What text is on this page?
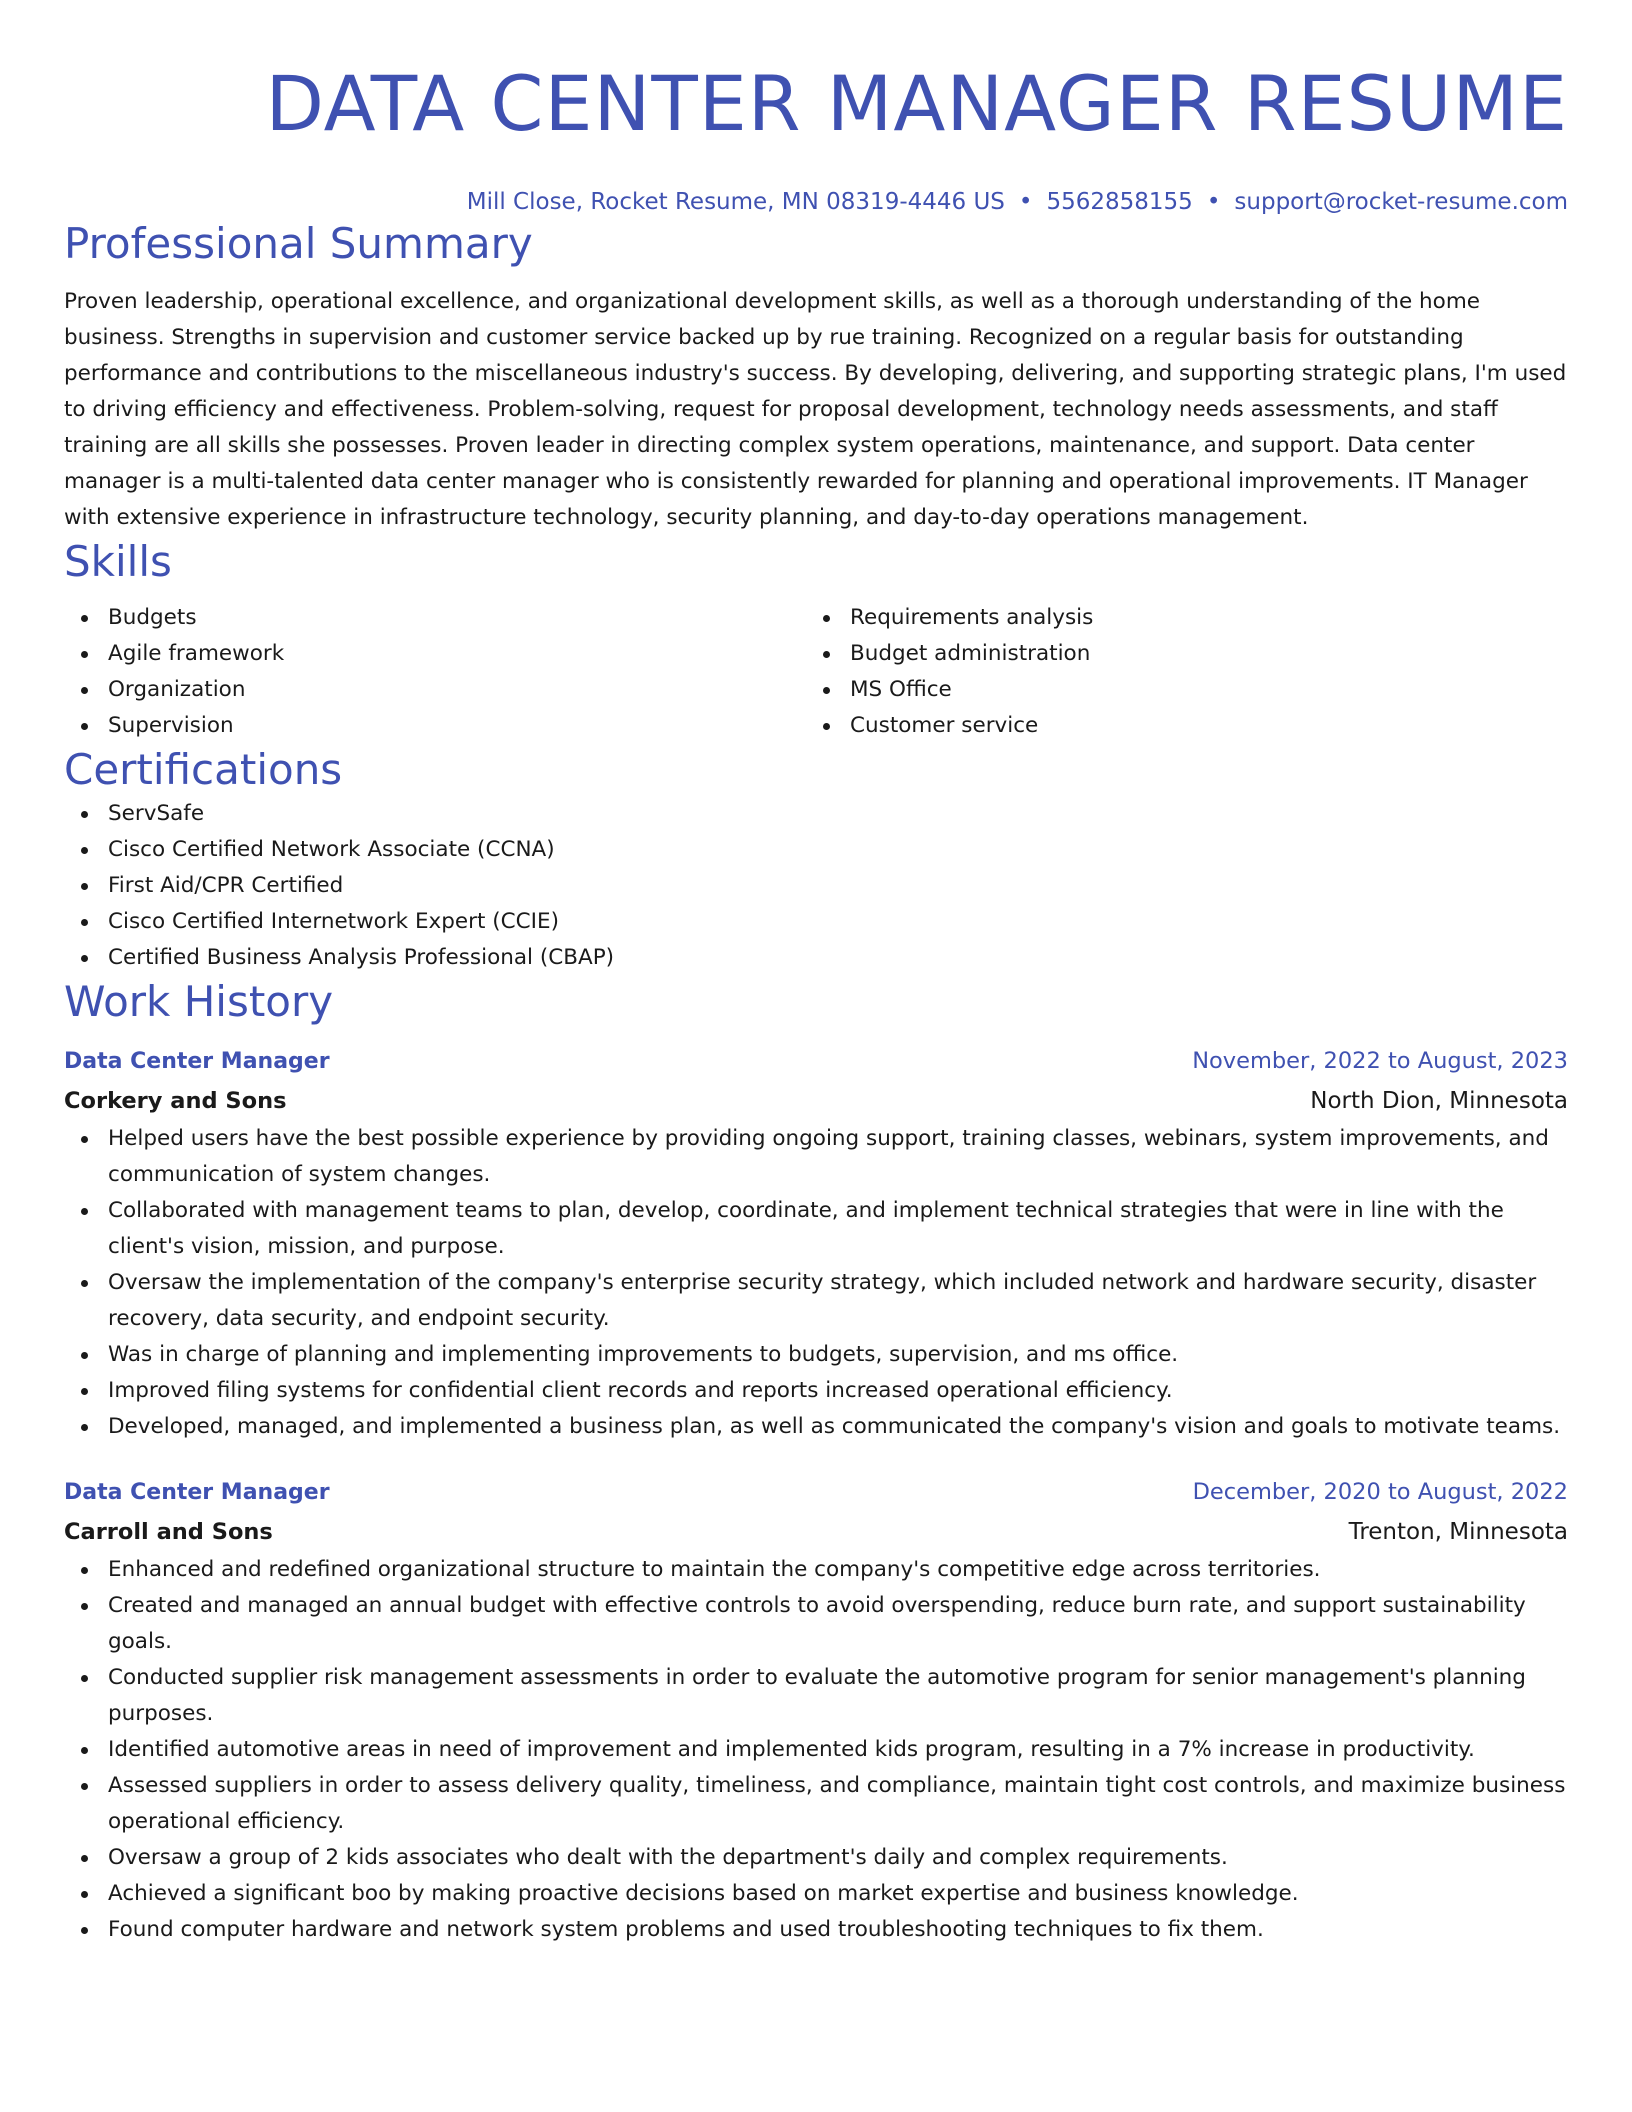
DATA CENTER MANAGER RESUME
Mill Close, Rocket Resume, MN 08319-4446 US • 5562858155 • support@rocket-resume.com
Professional Summary
Proven leadership, operational excellence, and organizational development skills, as well as a thorough understanding of the home business. Strengths in supervision and customer service backed up by rue training. Recognized on a regular basis for outstanding performance and contributions to the miscellaneous industry's success. By developing, delivering, and supporting strategic plans, I'm used to driving efficiency and effectiveness. Problem-solving, request for proposal development, technology needs assessments, and staff training are all skills she possesses. Proven leader in directing complex system operations, maintenance, and support. Data center manager is a multi-talented data center manager who is consistently rewarded for planning and operational improvements. IT Manager with extensive experience in infrastructure technology, security planning, and day-to-day operations management.
Skills
Budgets
Agile framework
Organization
Supervision
Requirements analysis
Budget administration
MS Office
Customer service
Certifications
ServSafe
Cisco Certified Network Associate (CCNA)
First Aid/CPR Certified
Cisco Certified Internetwork Expert (CCIE)
Certified Business Analysis Professional (CBAP)
Work History
Data Center Manager	November, 2022 to August, 2023
Corkery and Sons	North Dion, Minnesota
Helped users have the best possible experience by providing ongoing support, training classes, webinars, system improvements, and communication of system changes.
Collaborated with management teams to plan, develop, coordinate, and implement technical strategies that were in line with the client's vision, mission, and purpose.
Oversaw the implementation of the company's enterprise security strategy, which included network and hardware security, disaster recovery, data security, and endpoint security.
Was in charge of planning and implementing improvements to budgets, supervision, and ms office.
Improved filing systems for confidential client records and reports increased operational efficiency.
Developed, managed, and implemented a business plan, as well as communicated the company's vision and goals to motivate teams.
Data Center Manager	December, 2020 to August, 2022
Carroll and Sons	Trenton, Minnesota
Enhanced and redefined organizational structure to maintain the company's competitive edge across territories.
Created and managed an annual budget with effective controls to avoid overspending, reduce burn rate, and support sustainability goals.
Conducted supplier risk management assessments in order to evaluate the automotive program for senior management's planning purposes.
Identified automotive areas in need of improvement and implemented kids program, resulting in a 7% increase in productivity.
Assessed suppliers in order to assess delivery quality, timeliness, and compliance, maintain tight cost controls, and maximize business operational efficiency.
Oversaw a group of 2 kids associates who dealt with the department's daily and complex requirements.
Achieved a significant boo by making proactive decisions based on market expertise and business knowledge.
Found computer hardware and network system problems and used troubleshooting techniques to fix them.
